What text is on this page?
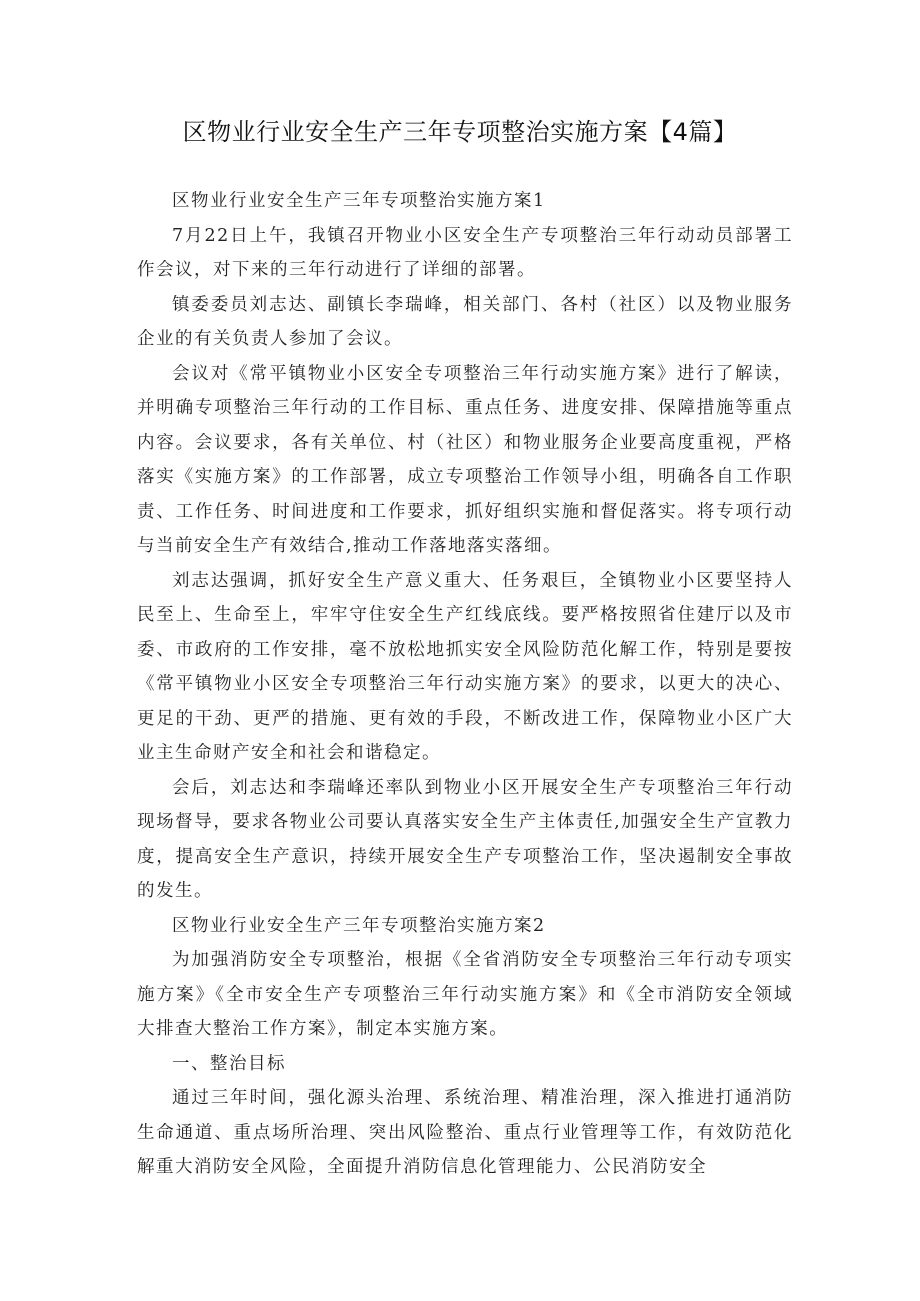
区物业行业安全生产三年专项整治实施方案【4篇】

区物业行业安全生产三年专项整治实施方案1

7月22日上午，我镇召开物业小区安全生产专项整治三年行动动员部署工作会议，对下来的三年行动进行了详细的部署。

镇委委员刘志达、副镇长李瑞峰，相关部门、各村（社区）以及物业服务企业的有关负责人参加了会议。

会议对《常平镇物业小区安全专项整治三年行动实施方案》进行了解读，并明确专项整治三年行动的工作目标、重点任务、进度安排、保障措施等重点内容。会议要求，各有关单位、村（社区）和物业服务企业要高度重视，严格落实《实施方案》的工作部署，成立专项整治工作领导小组，明确各自工作职责、工作任务、时间进度和工作要求，抓好组织实施和督促落实。将专项行动与当前安全生产有效结合,推动工作落地落实落细。

刘志达强调，抓好安全生产意义重大、任务艰巨，全镇物业小区要坚持人民至上、生命至上，牢牢守住安全生产红线底线。要严格按照省住建厅以及市委、市政府的工作安排，毫不放松地抓实安全风险防范化解工作，特别是要按《常平镇物业小区安全专项整治三年行动实施方案》的要求，以更大的决心、更足的干劲、更严的措施、更有效的手段，不断改进工作，保障物业小区广大业主生命财产安全和社会和谐稳定。

会后，刘志达和李瑞峰还率队到物业小区开展安全生产专项整治三年行动现场督导，要求各物业公司要认真落实安全生产主体责任,加强安全生产宣教力度，提高安全生产意识，持续开展安全生产专项整治工作，坚决遏制安全事故的发生。

区物业行业安全生产三年专项整治实施方案2

为加强消防安全专项整治，根据《全省消防安全专项整治三年行动专项实施方案》《全市安全生产专项整治三年行动实施方案》和《全市消防安全领域大排查大整治工作方案》，制定本实施方案。

一、整治目标

通过三年时间，强化源头治理、系统治理、精准治理，深入推进打通消防生命通道、重点场所治理、突出风险整治、重点行业管理等工作，有效防范化解重大消防安全风险，全面提升消防信息化管理能力、公民消防安全
